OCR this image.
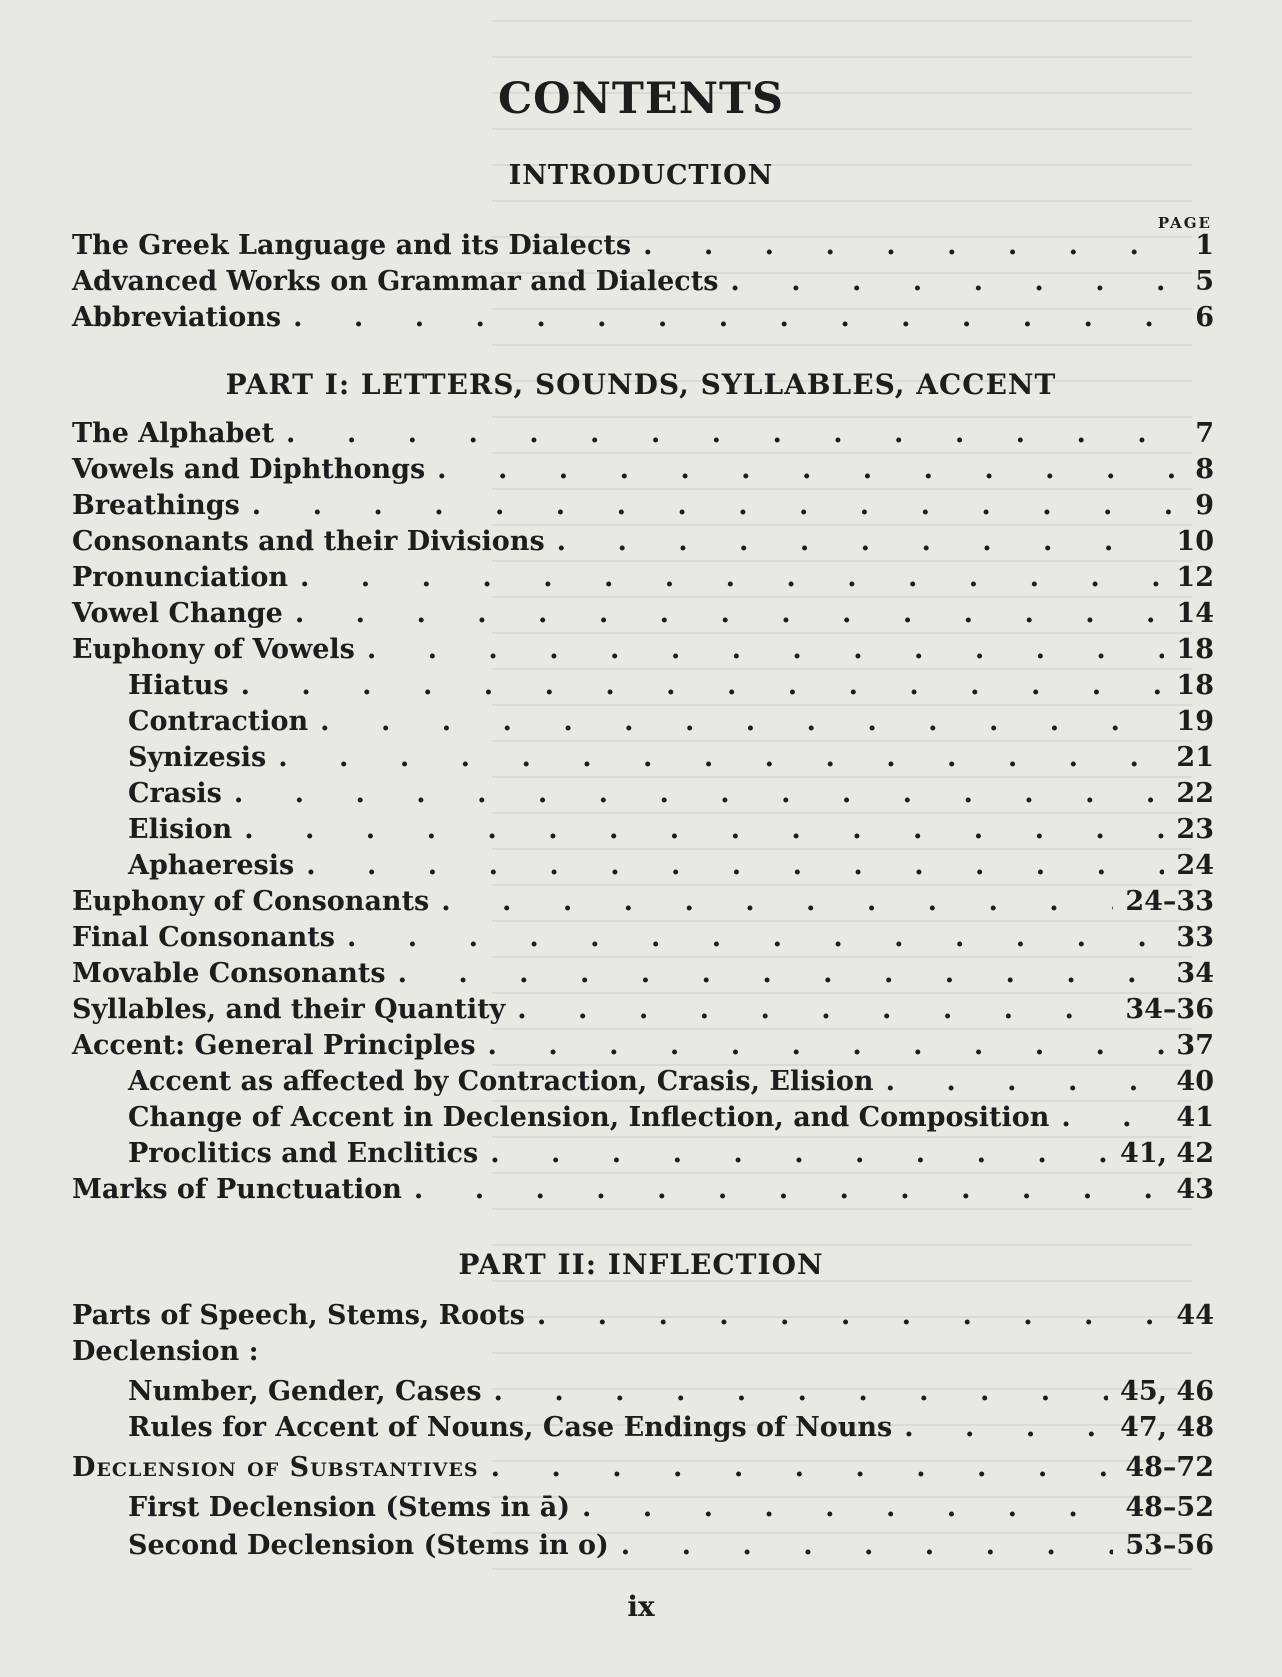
CONTENTS
INTRODUCTION
PAGE
The Greek Language and its Dialects . . .	1
Advanced Works on Grammar and Dialects . . .	5
Abbreviations . . .	6
PART I: LETTERS, SOUNDS, SYLLABLES, ACCENT
The Alphabet . . .	7
Vowels and Diphthongs . . .	8
Breathings . . .	9
Consonants and their Divisions . . .	10
Pronunciation . . .	12
Vowel Change . . .	14
Euphony of Vowels . . .	18
Hiatus . . .	18
Contraction . . .	19
Synizesis . . .	21
Crasis . . .	22
Elision . . .	23
Aphaeresis . . .	24
Euphony of Consonants . . .	24–33
Final Consonants . . .	33
Movable Consonants . . .	34
Syllables, and their Quantity . . .	34–36
Accent: General Principles . . .	37
Accent as affected by Contraction, Crasis, Elision . . .	40
Change of Accent in Declension, Inflection, and Composition . . .	41
Proclitics and Enclitics . . .	41, 42
Marks of Punctuation . . .	43
PART II: INFLECTION
Parts of Speech, Stems, Roots . . .	44
Declension :
Number, Gender, Cases . . .	45, 46
Rules for Accent of Nouns, Case Endings of Nouns . . .	47, 48
Declension of Substantives . . .	48–72
First Declension (Stems in ā) . . .	48–52
Second Declension (Stems in o) . . .	53–56
ix
